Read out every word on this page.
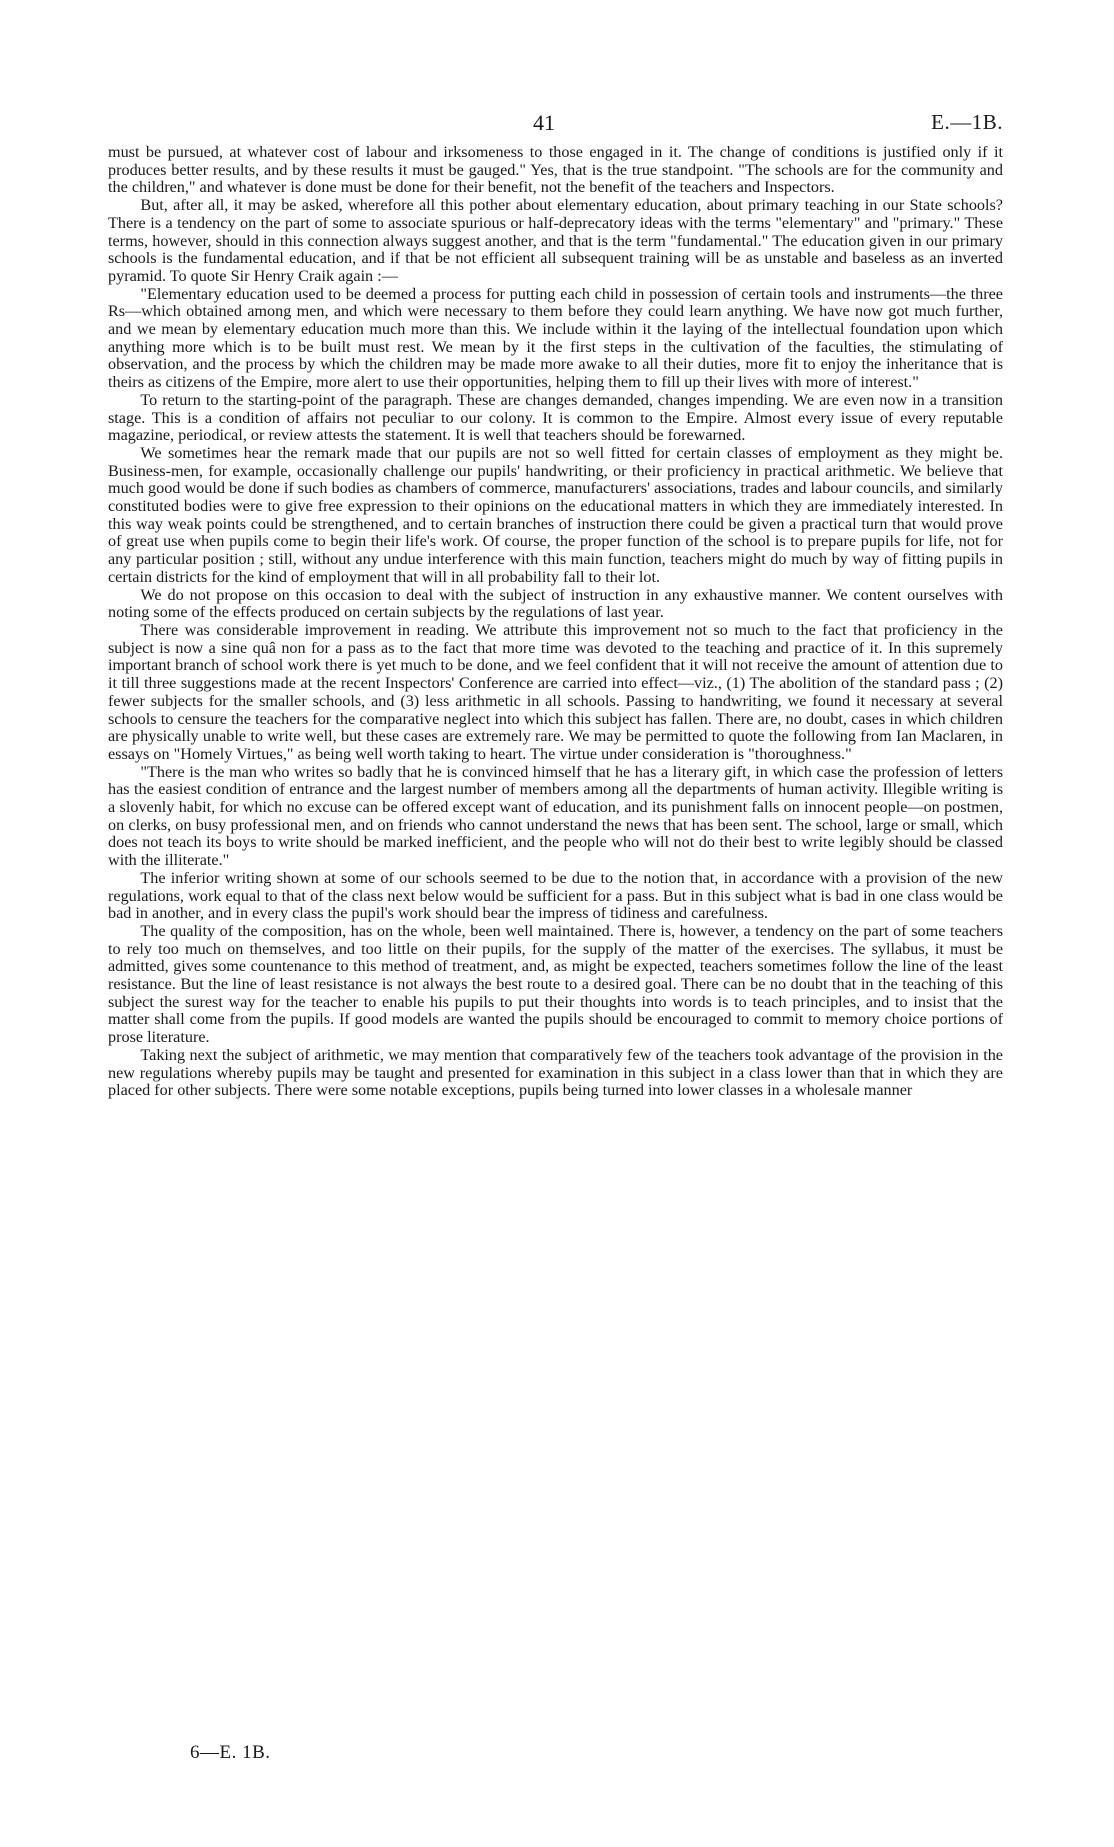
41	E.—1B.

must be pursued, at whatever cost of labour and irksomeness to those engaged in it. The change of conditions is justified only if it produces better results, and by these results it must be gauged." Yes, that is the true standpoint. "The schools are for the community and the children," and whatever is done must be done for their benefit, not the benefit of the teachers and Inspectors.

But, after all, it may be asked, wherefore all this pother about elementary education, about primary teaching in our State schools? There is a tendency on the part of some to associate spurious or half-deprecatory ideas with the terms "elementary" and "primary." These terms, however, should in this connection always suggest another, and that is the term "fundamental." The education given in our primary schools is the fundamental education, and if that be not efficient all subsequent training will be as unstable and baseless as an inverted pyramid. To quote Sir Henry Craik again :—

"Elementary education used to be deemed a process for putting each child in possession of certain tools and instruments—the three Rs—which obtained among men, and which were necessary to them before they could learn anything. We have now got much further, and we mean by elementary education much more than this. We include within it the laying of the intellectual foundation upon which anything more which is to be built must rest. We mean by it the first steps in the cultivation of the faculties, the stimulating of observation, and the process by which the children may be made more awake to all their duties, more fit to enjoy the inheritance that is theirs as citizens of the Empire, more alert to use their opportunities, helping them to fill up their lives with more of interest."

To return to the starting-point of the paragraph. These are changes demanded, changes impending. We are even now in a transition stage. This is a condition of affairs not peculiar to our colony. It is common to the Empire. Almost every issue of every reputable magazine, periodical, or review attests the statement. It is well that teachers should be forewarned.

We sometimes hear the remark made that our pupils are not so well fitted for certain classes of employment as they might be. Business-men, for example, occasionally challenge our pupils' handwriting, or their proficiency in practical arithmetic. We believe that much good would be done if such bodies as chambers of commerce, manufacturers' associations, trades and labour councils, and similarly constituted bodies were to give free expression to their opinions on the educational matters in which they are immediately interested. In this way weak points could be strengthened, and to certain branches of instruction there could be given a practical turn that would prove of great use when pupils come to begin their life's work. Of course, the proper function of the school is to prepare pupils for life, not for any particular position ; still, without any undue interference with this main function, teachers might do much by way of fitting pupils in certain districts for the kind of employment that will in all probability fall to their lot.

We do not propose on this occasion to deal with the subject of instruction in any exhaustive manner. We content ourselves with noting some of the effects produced on certain subjects by the regulations of last year.

There was considerable improvement in reading. We attribute this improvement not so much to the fact that proficiency in the subject is now a sine quâ non for a pass as to the fact that more time was devoted to the teaching and practice of it. In this supremely important branch of school work there is yet much to be done, and we feel confident that it will not receive the amount of attention due to it till three suggestions made at the recent Inspectors' Conference are carried into effect—viz., (1) The abolition of the standard pass ; (2) fewer subjects for the smaller schools, and (3) less arithmetic in all schools. Passing to handwriting, we found it necessary at several schools to censure the teachers for the comparative neglect into which this subject has fallen. There are, no doubt, cases in which children are physically unable to write well, but these cases are extremely rare. We may be permitted to quote the following from Ian Maclaren, in essays on "Homely Virtues," as being well worth taking to heart. The virtue under consideration is "thoroughness."

"There is the man who writes so badly that he is convinced himself that he has a literary gift, in which case the profession of letters has the easiest condition of entrance and the largest number of members among all the departments of human activity. Illegible writing is a slovenly habit, for which no excuse can be offered except want of education, and its punishment falls on innocent people—on postmen, on clerks, on busy professional men, and on friends who cannot understand the news that has been sent. The school, large or small, which does not teach its boys to write should be marked inefficient, and the people who will not do their best to write legibly should be classed with the illiterate."

The inferior writing shown at some of our schools seemed to be due to the notion that, in accordance with a provision of the new regulations, work equal to that of the class next below would be sufficient for a pass. But in this subject what is bad in one class would be bad in another, and in every class the pupil's work should bear the impress of tidiness and carefulness.

The quality of the composition, has on the whole, been well maintained. There is, however, a tendency on the part of some teachers to rely too much on themselves, and too little on their pupils, for the supply of the matter of the exercises. The syllabus, it must be admitted, gives some countenance to this method of treatment, and, as might be expected, teachers sometimes follow the line of the least resistance. But the line of least resistance is not always the best route to a desired goal. There can be no doubt that in the teaching of this subject the surest way for the teacher to enable his pupils to put their thoughts into words is to teach principles, and to insist that the matter shall come from the pupils. If good models are wanted the pupils should be encouraged to commit to memory choice portions of prose literature.

Taking next the subject of arithmetic, we may mention that comparatively few of the teachers took advantage of the provision in the new regulations whereby pupils may be taught and presented for examination in this subject in a class lower than that in which they are placed for other subjects. There were some notable exceptions, pupils being turned into lower classes in a wholesale manner

6—E. 1B.
